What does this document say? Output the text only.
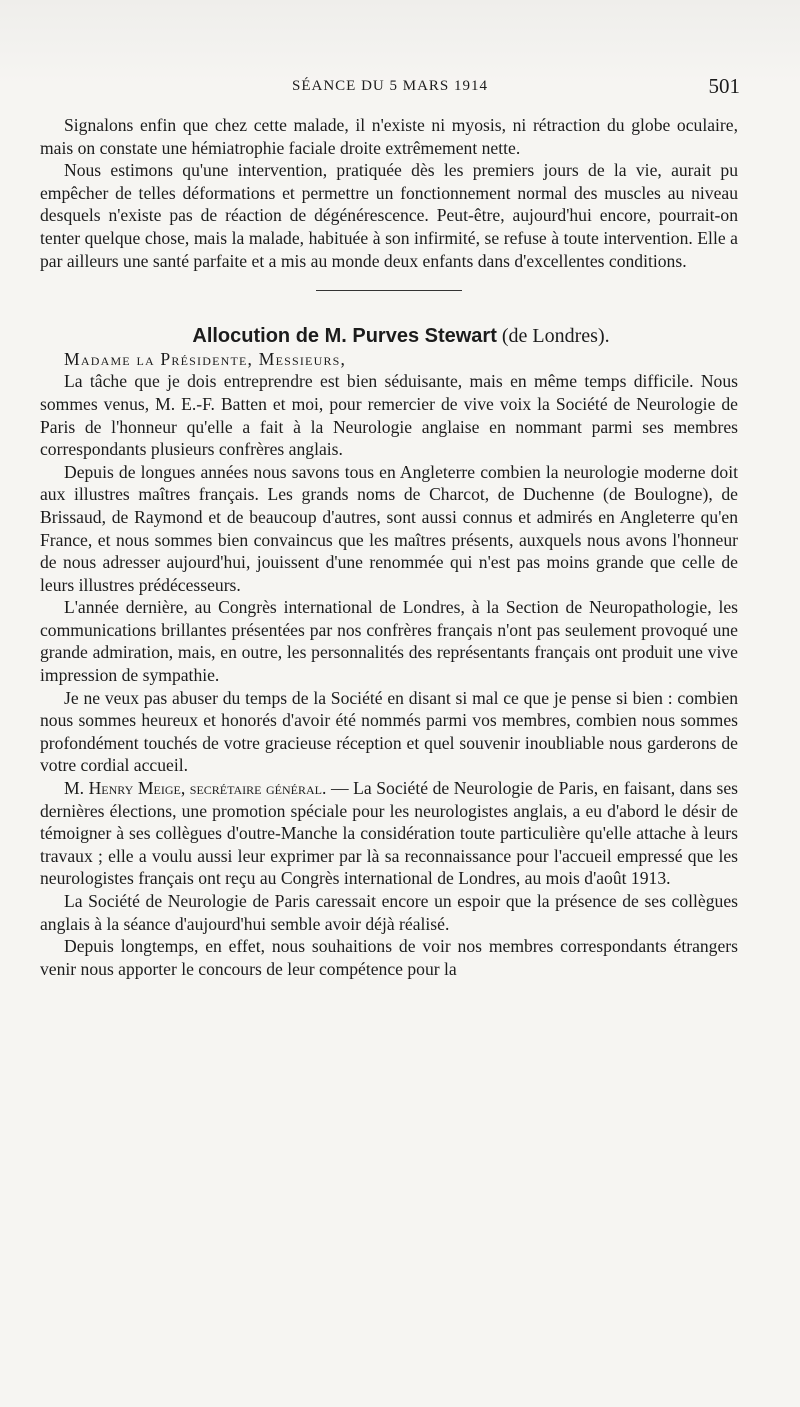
SÉANCE DU 5 MARS 1914	501

Signalons enfin que chez cette malade, il n'existe ni myosis, ni rétraction du globe oculaire, mais on constate une hémiatrophie faciale droite extrêmement nette.

Nous estimons qu'une intervention, pratiquée dès les premiers jours de la vie, aurait pu empêcher de telles déformations et permettre un fonctionnement normal des muscles au niveau desquels n'existe pas de réaction de dégénérescence. Peut-être, aujourd'hui encore, pourrait-on tenter quelque chose, mais la malade, habituée à son infirmité, se refuse à toute intervention. Elle a par ailleurs une santé parfaite et a mis au monde deux enfants dans d'excellentes conditions.

Allocution de M. Purves Stewart (de Londres).

Madame la Présidente, Messieurs,

La tâche que je dois entreprendre est bien séduisante, mais en même temps difficile. Nous sommes venus, M. E.-F. Batten et moi, pour remercier de vive voix la Société de Neurologie de Paris de l'honneur qu'elle a fait à la Neurologie anglaise en nommant parmi ses membres correspondants plusieurs confrères anglais.

Depuis de longues années nous savons tous en Angleterre combien la neurologie moderne doit aux illustres maîtres français. Les grands noms de Charcot, de Duchenne (de Boulogne), de Brissaud, de Raymond et de beaucoup d'autres, sont aussi connus et admirés en Angleterre qu'en France, et nous sommes bien convaincus que les maîtres présents, auxquels nous avons l'honneur de nous adresser aujourd'hui, jouissent d'une renommée qui n'est pas moins grande que celle de leurs illustres prédécesseurs.

L'année dernière, au Congrès international de Londres, à la Section de Neuropathologie, les communications brillantes présentées par nos confrères français n'ont pas seulement provoqué une grande admiration, mais, en outre, les personnalités des représentants français ont produit une vive impression de sympathie.

Je ne veux pas abuser du temps de la Société en disant si mal ce que je pense si bien : combien nous sommes heureux et honorés d'avoir été nommés parmi vos membres, combien nous sommes profondément touchés de votre gracieuse réception et quel souvenir inoubliable nous garderons de votre cordial accueil.

M. Henry Meige, secrétaire général. — La Société de Neurologie de Paris, en faisant, dans ses dernières élections, une promotion spéciale pour les neurologistes anglais, a eu d'abord le désir de témoigner à ses collègues d'outre-Manche la considération toute particulière qu'elle attache à leurs travaux ; elle a voulu aussi leur exprimer par là sa reconnaissance pour l'accueil empressé que les neurologistes français ont reçu au Congrès international de Londres, au mois d'août 1913.

La Société de Neurologie de Paris caressait encore un espoir que la présence de ses collègues anglais à la séance d'aujourd'hui semble avoir déjà réalisé.

Depuis longtemps, en effet, nous souhaitions de voir nos membres correspondants étrangers venir nous apporter le concours de leur compétence pour la
